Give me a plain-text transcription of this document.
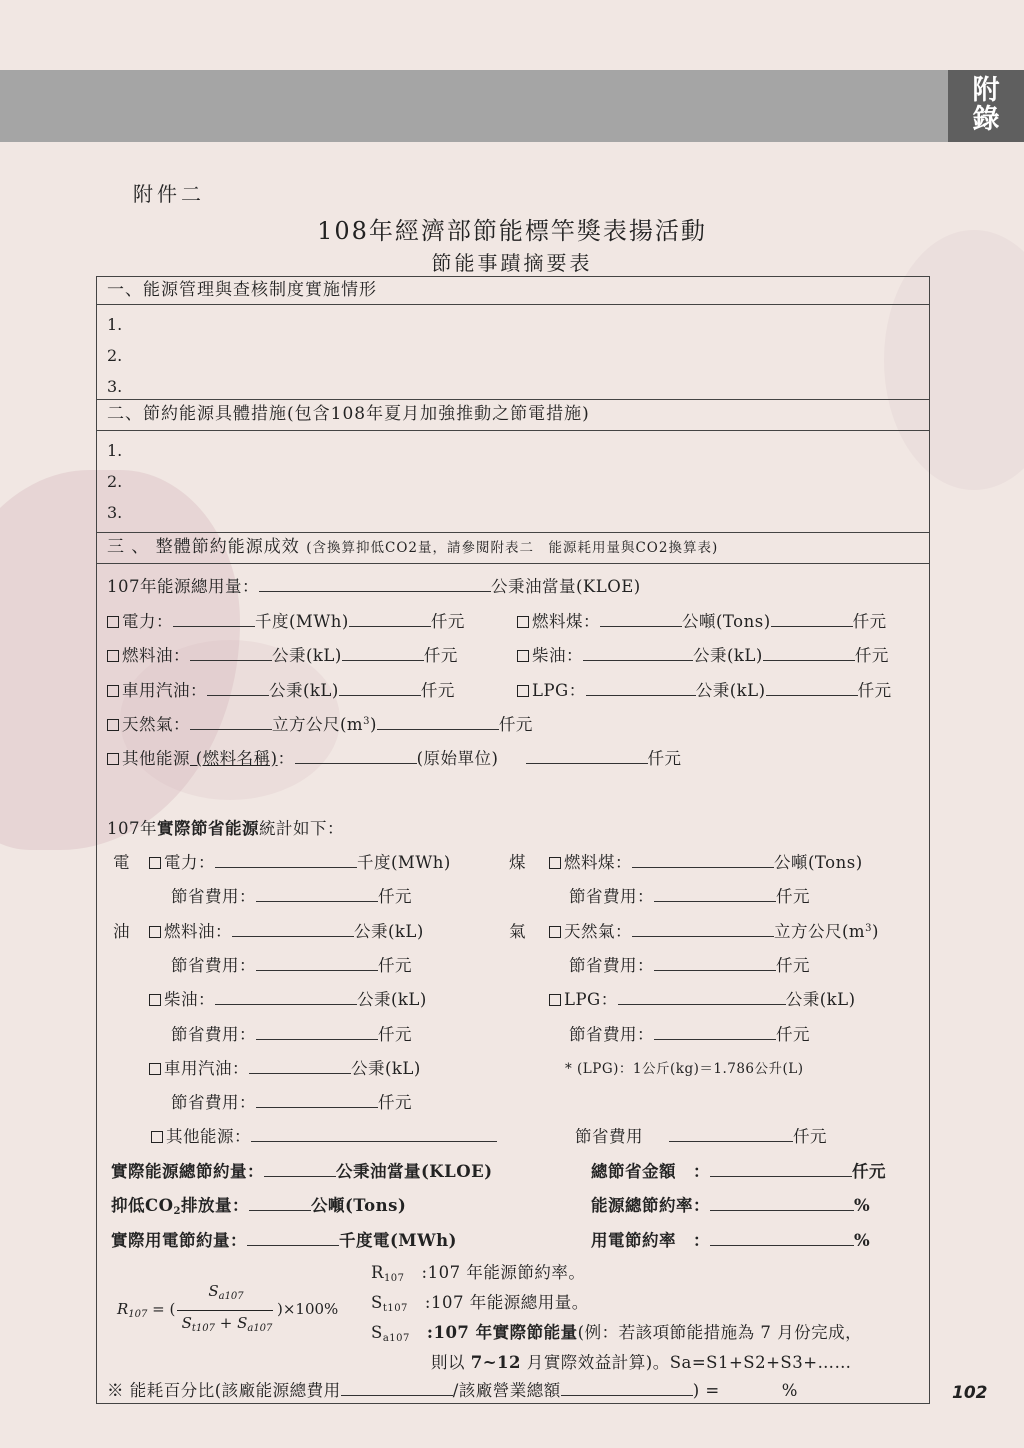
附
錄
附件二
108年經濟部節能標竿獎表揚活動
節能事蹟摘要表
一、能源管理與查核制度實施情形
1.
2.
3.
二、節約能源具體措施(包含108年夏月加強推動之節電措施)
1.
2.
3.
三 、 整體節約能源成效 (含換算抑低CO2量，請參閱附表二　能源耗用量與CO2換算表)
107年能源總用量：	公秉油當量(KLOE)
電力：	千度(MWh)	仟元	燃料煤：	公噸(Tons)	仟元
燃料油：	公秉(kL)	仟元	柴油：	公秉(kL)	仟元
車用汽油：	公秉(kL)	仟元	LPG：	公秉(kL)	仟元
天然氣：	立方公尺$(m^3)$	仟元
其他能源 (燃料名稱)：	(原始單位)　	仟元
107年實際節省能源統計如下：
電	電力：	千度(MWh)	煤	燃料煤：	公噸(Tons)
節省費用：	仟元	節省費用：	仟元
油	燃料油：	公秉(kL)	氣	天然氣：	立方公尺$(m^3)$
節省費用：	仟元	節省費用：	仟元
柴油：	公秉(kL)	LPG：	公秉(kL)
節省費用：	仟元	節省費用：	仟元
車用汽油：	公秉(kL)	* (LPG)：1公斤(kg)＝1.786公升(L)
節省費用：	仟元
其他能源：	節省費用	仟元
實際能源總節約量：	公秉油當量(KLOE)	總節省金額　：	仟元
抑低$CO_2$排放量：	公噸(Tons)	能源總節約率：	%
實際用電節約量：	千度電(MWh)	用電節約率　：	%
$R_{107}$ = (
$S_{a107}$
$S_{t107} + S_{a107}$
)×100%
$R_{107}$　 :107 年能源節約率。
$S_{t107}$　 :107 年能源總用量。
$S_{a107}$　 :107 年實際節能量(例：若該項節能措施為 7 月份完成，
則以 7~12 月實際效益計算)。Sa=S1+S2+S3+……
※ 能耗百分比(該廠能源總費用	/該廠營業總額	) =	%	102
